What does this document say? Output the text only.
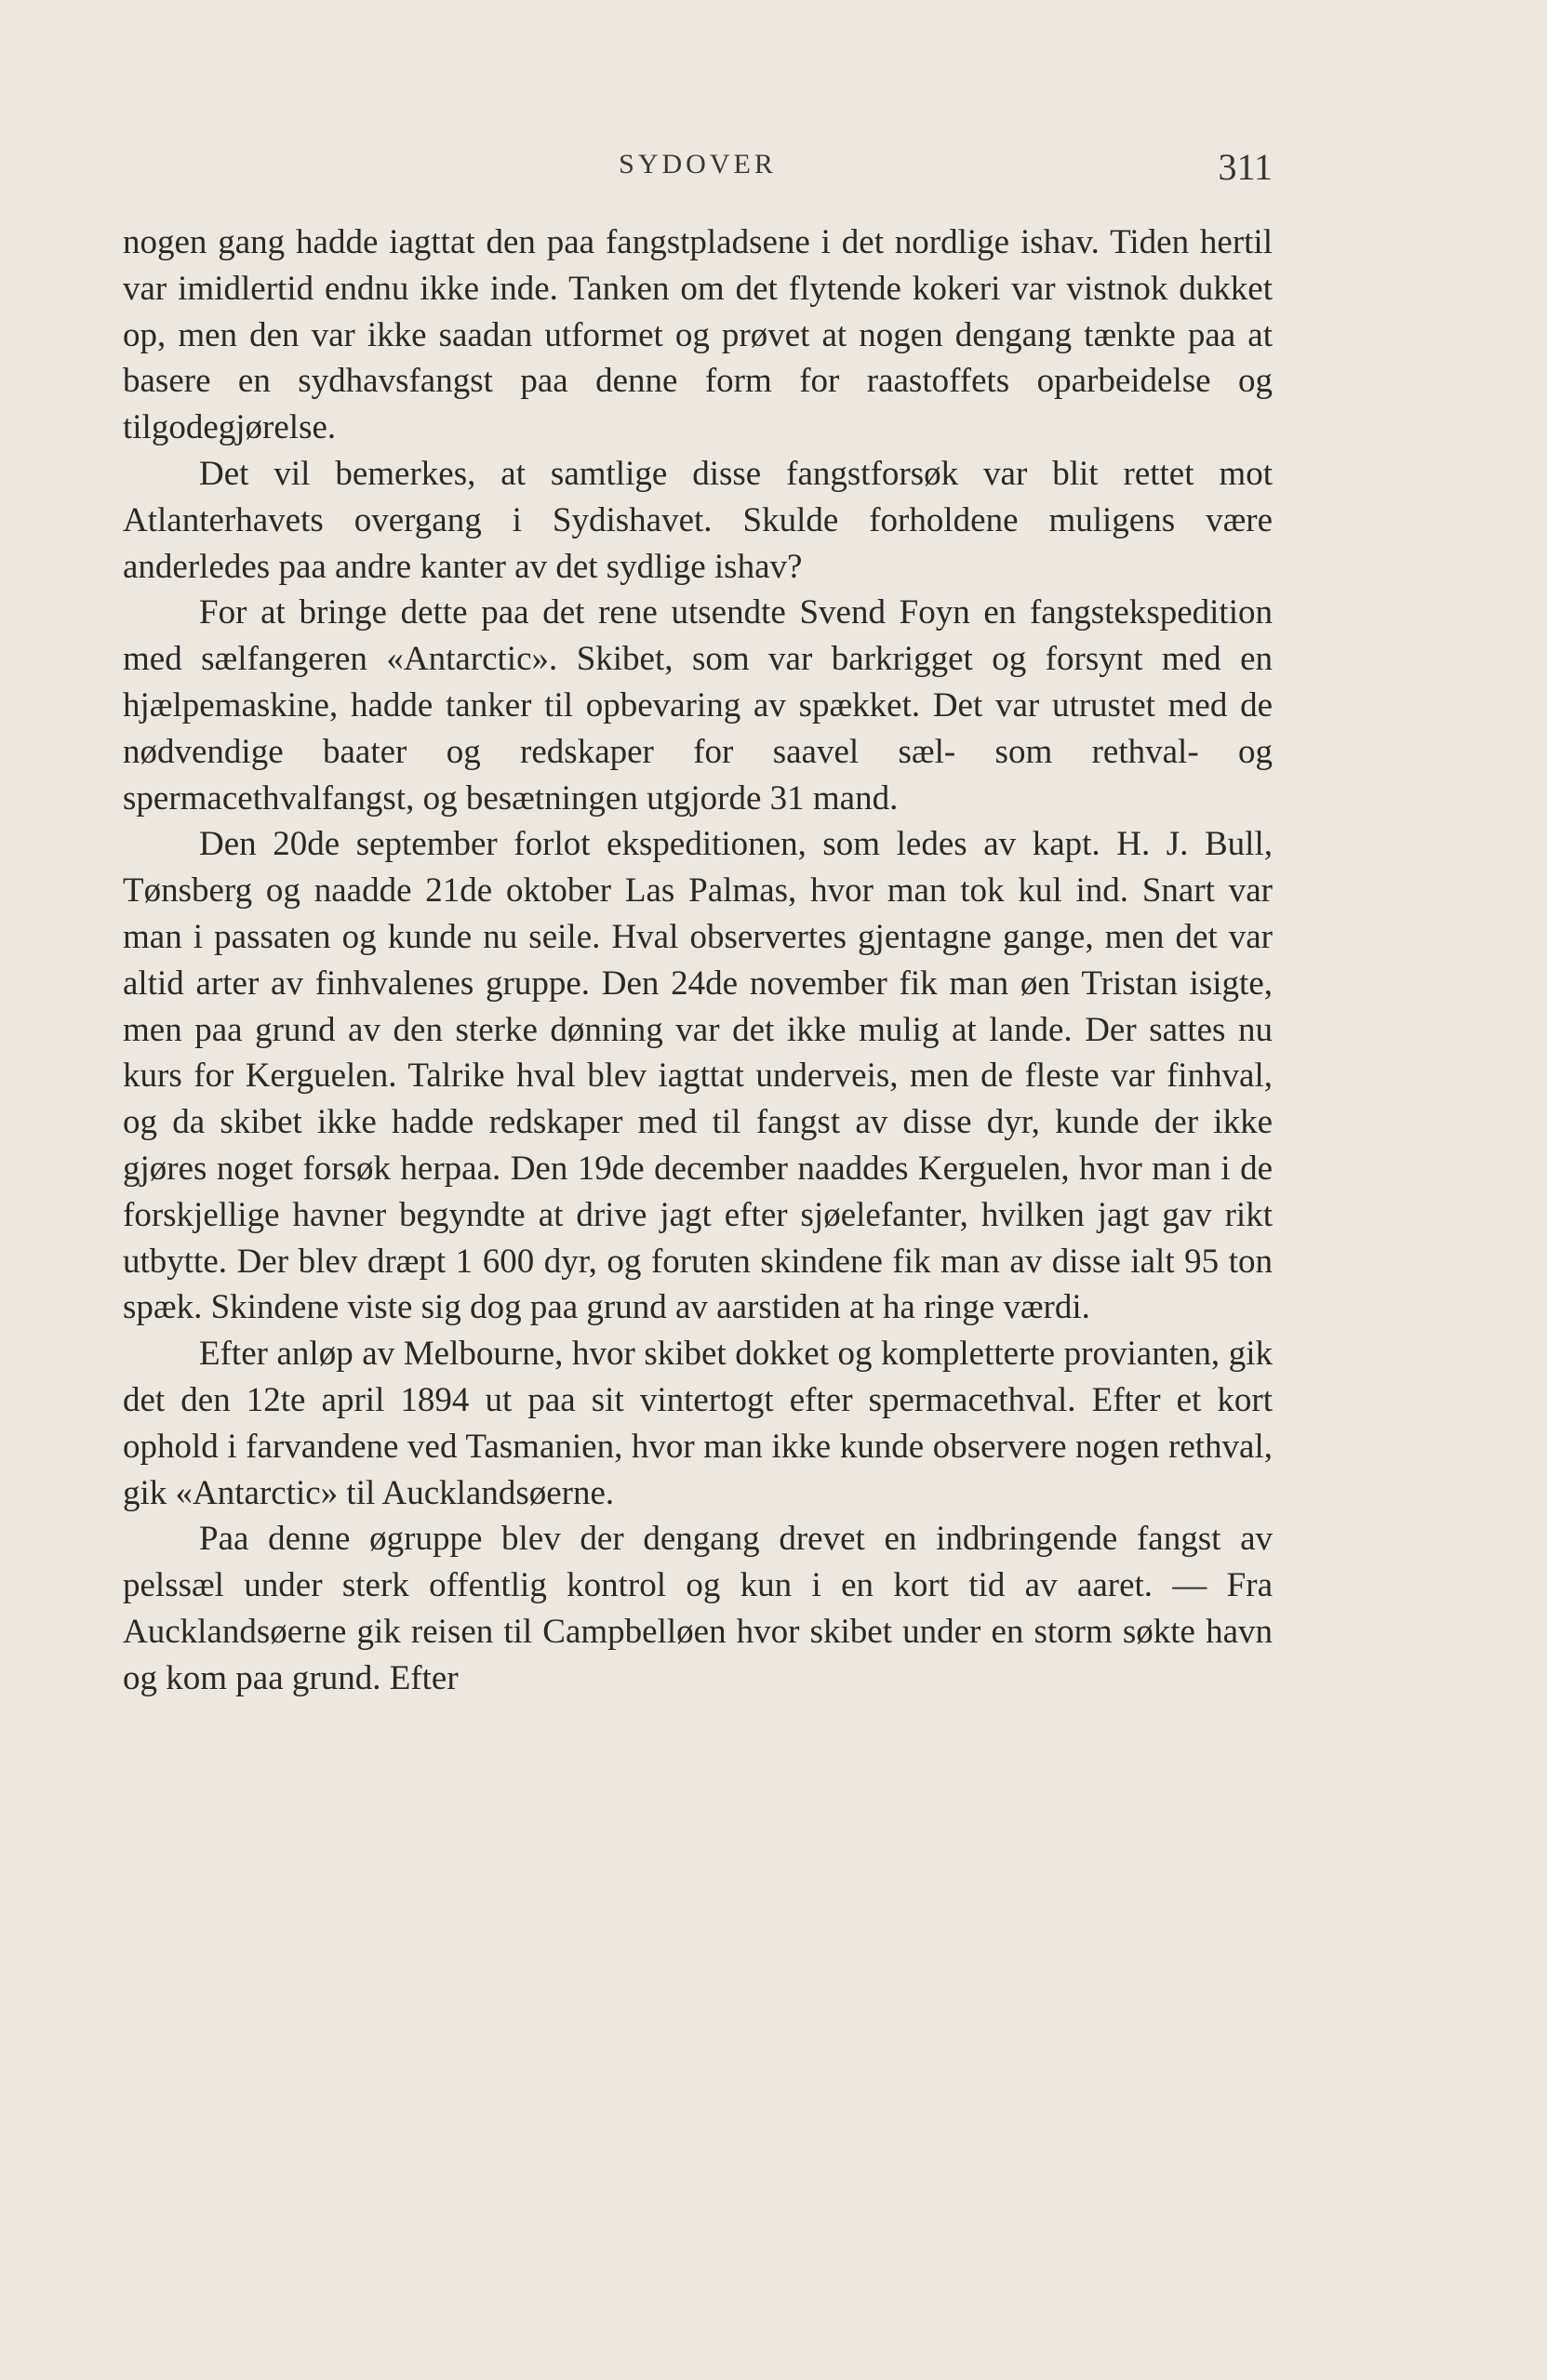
SYDOVER	311

nogen gang hadde iagttat den paa fangstpladsene i det nordlige ishav. Tiden hertil var imidlertid endnu ikke inde. Tanken om det flytende kokeri var vistnok dukket op, men den var ikke saadan utformet og prøvet at nogen dengang tænkte paa at basere en sydhavsfangst paa denne form for raastoffets oparbeidelse og tilgodegjørelse.

Det vil bemerkes, at samtlige disse fangstforsøk var blit rettet mot Atlanterhavets overgang i Sydishavet. Skulde forholdene muligens være anderledes paa andre kanter av det sydlige ishav?

For at bringe dette paa det rene utsendte Svend Foyn en fangstekspedition med sælfangeren «Antarctic». Skibet, som var barkrigget og forsynt med en hjælpemaskine, hadde tanker til opbevaring av spækket. Det var utrustet med de nødvendige baater og redskaper for saavel sæl- som rethval- og spermacethvalfangst, og besætningen utgjorde 31 mand.

Den 20de september forlot ekspeditionen, som ledes av kapt. H. J. Bull, Tønsberg og naadde 21de oktober Las Palmas, hvor man tok kul ind. Snart var man i passaten og kunde nu seile. Hval observertes gjentagne gange, men det var altid arter av finhvalenes gruppe. Den 24de november fik man øen Tristan isigte, men paa grund av den sterke dønning var det ikke mulig at lande. Der sattes nu kurs for Kerguelen. Talrike hval blev iagttat underveis, men de fleste var finhval, og da skibet ikke hadde redskaper med til fangst av disse dyr, kunde der ikke gjøres noget forsøk herpaa. Den 19de december naaddes Kerguelen, hvor man i de forskjellige havner begyndte at drive jagt efter sjøelefanter, hvilken jagt gav rikt utbytte. Der blev dræpt 1 600 dyr, og foruten skindene fik man av disse ialt 95 ton spæk. Skindene viste sig dog paa grund av aarstiden at ha ringe værdi.

Efter anløp av Melbourne, hvor skibet dokket og kompletterte provianten, gik det den 12te april 1894 ut paa sit vintertogt efter spermacethval. Efter et kort ophold i farvandene ved Tasmanien, hvor man ikke kunde observere nogen rethval, gik «Antarctic» til Aucklandsøerne.

Paa denne øgruppe blev der dengang drevet en indbringende fangst av pelssæl under sterk offentlig kontrol og kun i en kort tid av aaret. — Fra Aucklandsøerne gik reisen til Campbelløen hvor skibet under en storm søkte havn og kom paa grund. Efter
